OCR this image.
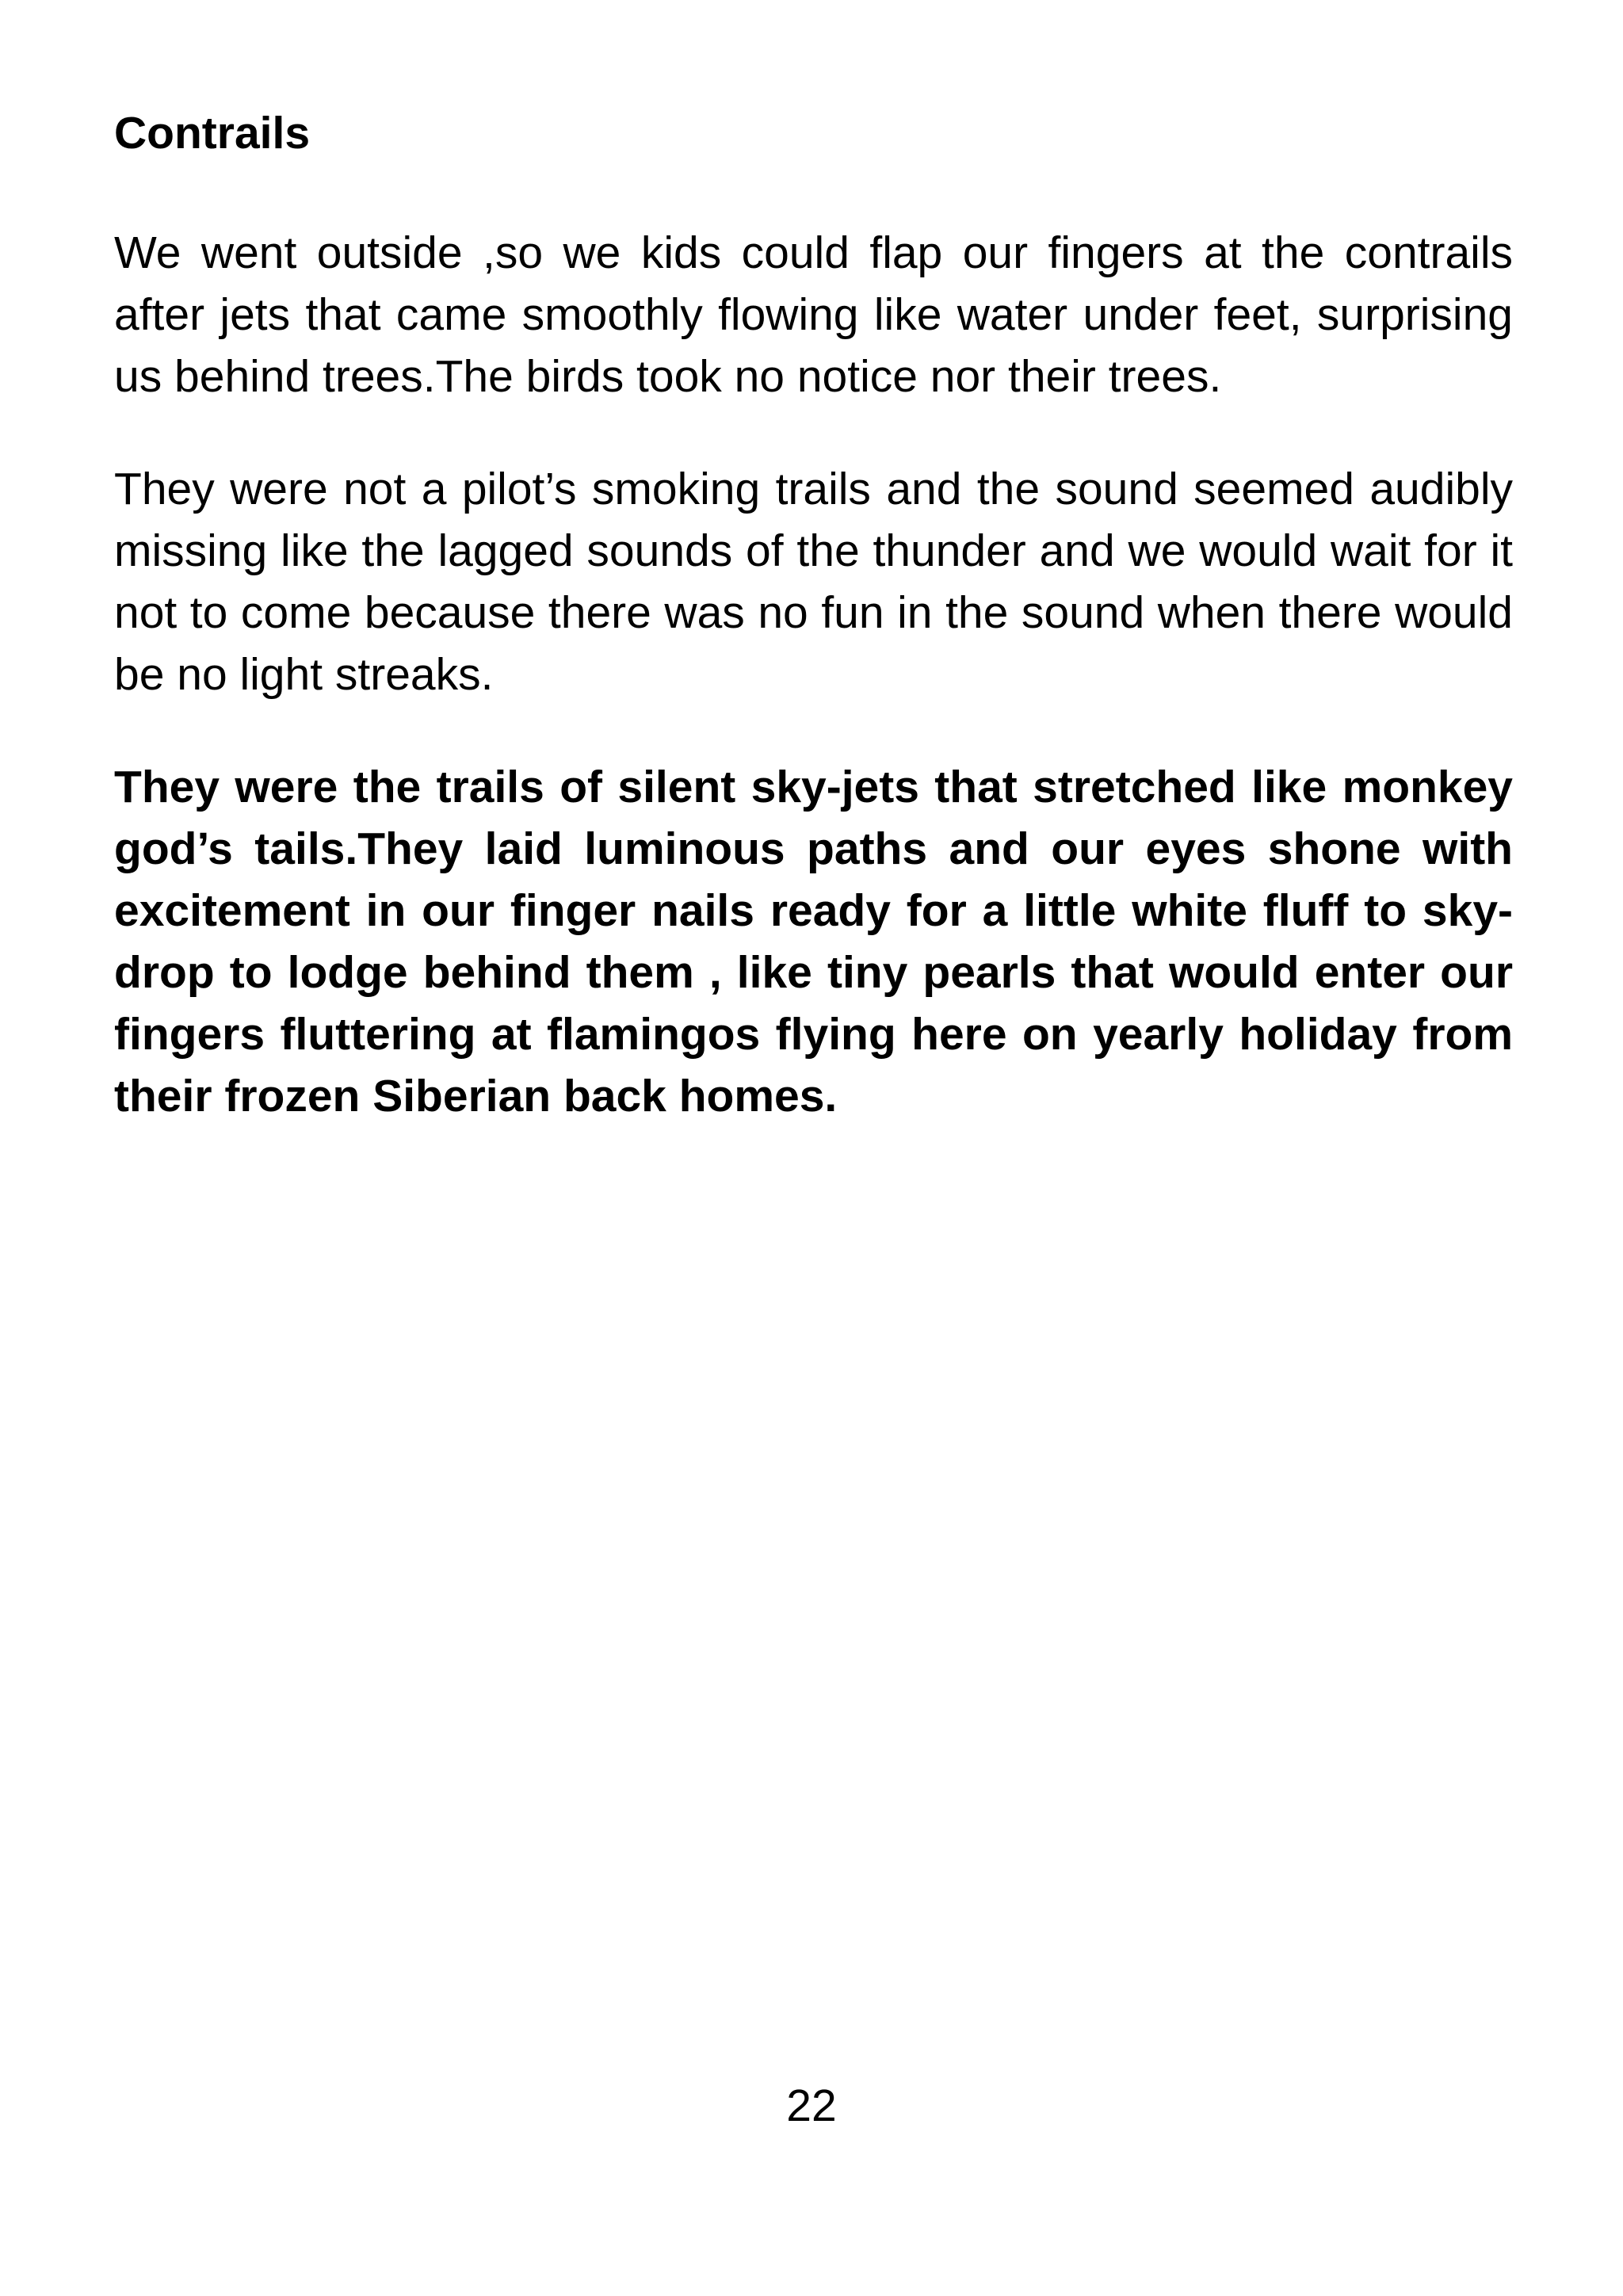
Contrails

We went outside ,so we kids could flap our fingers at the contrails after jets that came smoothly flowing like water under feet, surprising us behind trees.The birds took no notice nor their trees.

They were not a pilot’s smoking trails and the sound seemed audibly missing like the lagged sounds of the thunder and we would wait for it not to come because there was no fun in the sound when there would be no light streaks.

They were the trails of silent sky-jets that stretched like monkey god’s tails.They laid luminous paths and our eyes shone with excitement in our finger nails ready for a little white fluff to sky-drop to lodge behind them , like tiny pearls that would enter our fingers fluttering at flamingos flying here on yearly holiday from their frozen Siberian back homes.

22
